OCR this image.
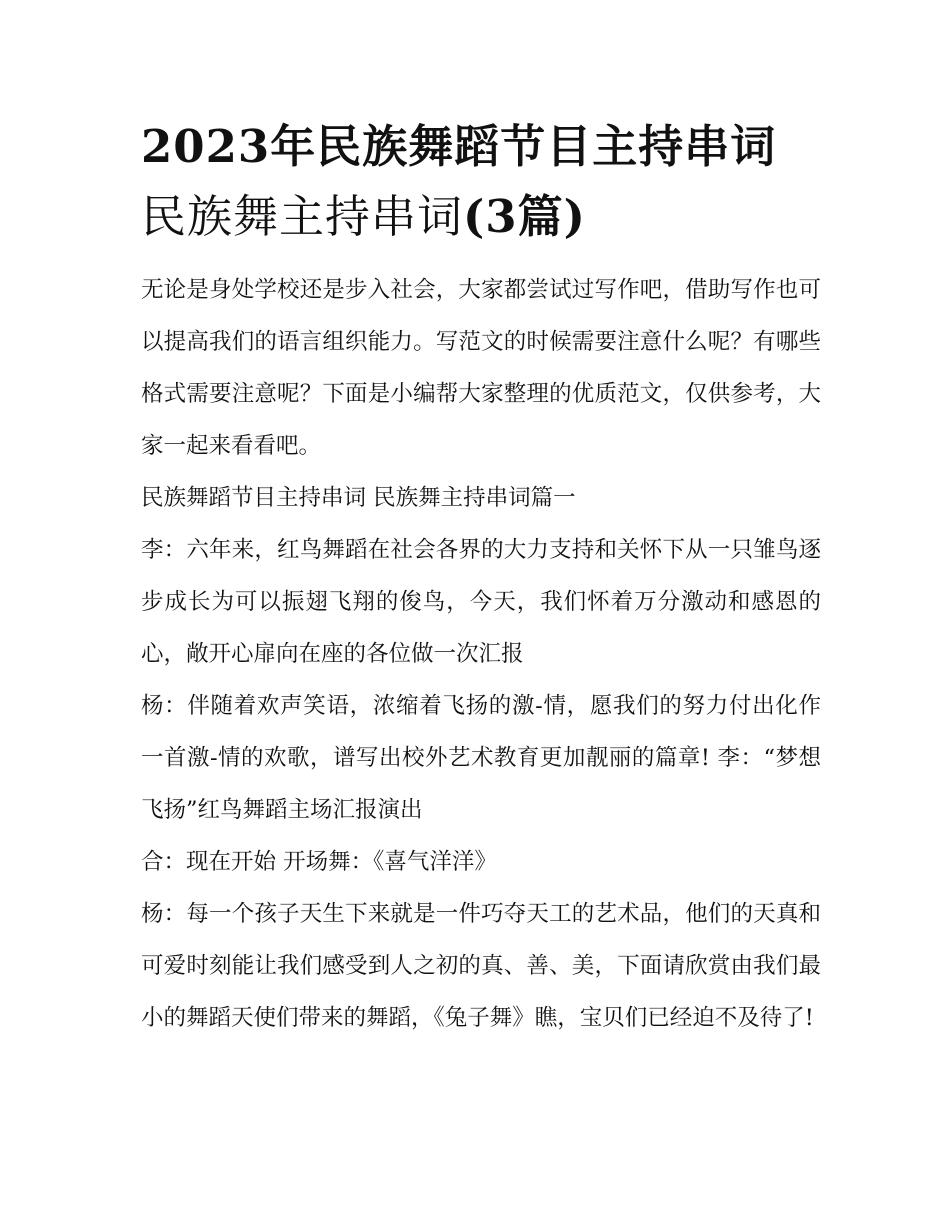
2023年民族舞蹈节目主持串词
民族舞主持串词(3篇)

无论是身处学校还是步入社会，大家都尝试过写作吧，借助写作也可以提高我们的语言组织能力。写范文的时候需要注意什么呢？有哪些格式需要注意呢？下面是小编帮大家整理的优质范文，仅供参考，大家一起来看看吧。

民族舞蹈节目主持串词 民族舞主持串词篇一

李：六年来，红鸟舞蹈在社会各界的大力支持和关怀下从一只雏鸟逐步成长为可以振翅飞翔的俊鸟，今天，我们怀着万分激动和感恩的心，敞开心扉向在座的各位做一次汇报

杨：伴随着欢声笑语，浓缩着飞扬的激-情，愿我们的努力付出化作一首激-情的欢歌，谱写出校外艺术教育更加靓丽的篇章! 李：“梦想飞扬”红鸟舞蹈主场汇报演出

合：现在开始 开场舞：《喜气洋洋》

杨：每一个孩子天生下来就是一件巧夺天工的艺术品，他们的天真和可爱时刻能让我们感受到人之初的真、善、美，下面请欣赏由我们最小的舞蹈天使们带来的舞蹈，《兔子舞》瞧，宝贝们已经迫不及待了!
